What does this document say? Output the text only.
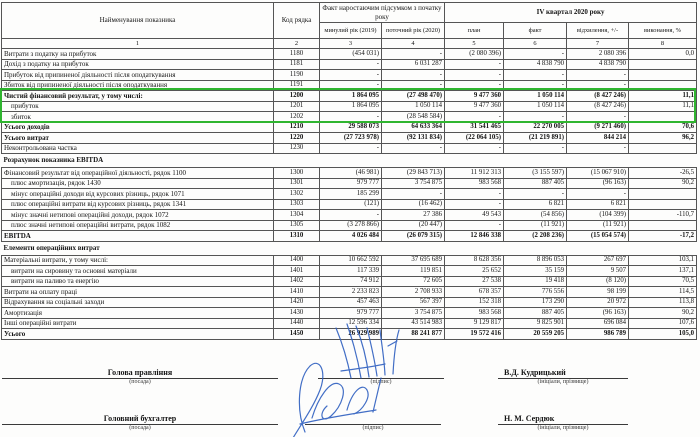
Найменування показника	Код рядка	Факт наростаючим підсумком з початку року		IV квартал 2020 року			
		минулий рік (2019)	поточний рік (2020)	план	факт	відхилення, +/-	виконання, %
1	2	3	4	5	6	7	8
Витрати з податку на прибуток	1180	(454 031)	-	(2 080 396)	-	2 080 396	0,0
Дохід з податку на прибуток	1181	-	6 031 287	-	4 838 790	4 838 790	
Прибуток від припиненої діяльності після оподаткування	1190	-	-	-	-	-	
Збиток від припиненої діяльності після оподаткування	1191	-	-	-	-	-	
Чистий фінансовий результат, у тому числі:	1200	1 864 095	(27 498 470)	9 477 360	1 050 114	(8 427 246)	11,1
прибуток	1201	1 864 095	1 050 114	9 477 360	1 050 114	(8 427 246)	11,1
збиток	1202	-	(28 548 584)	-	-	-	
Усього доходів	1210	29 588 073	64 633 364	31 541 465	22 270 005	(9 271 460)	70,6
Усього витрат	1220	(27 723 978)	(92 131 834)	(22 064 105)	(21 219 891)	844 214	96,2
Неконтрольована частка	1230	-	-	-	-	-	
Розрахунок показника EBITDA							
Фінансовий результат від операційної діяльності, рядок 1100	1300	(46 981)	(29 843 713)	11 912 313	(3 155 597)	(15 067 910)	-26,5
плюс амортизація, рядок 1430	1301	979 777	3 754 875	983 568	887 405	(96 163)	90,2
мінус операційні доходи від курсових різниць, рядок 1071	1302	185 299	-	-	-	-	
плюс операційні витрати від курсових різниць, рядок 1341	1303	(121)	(16 462)	-	6 821	6 821	
мінус значні нетипові операційні доходи, рядок 1072	1304	-	27 386	49 543	(54 856)	(104 399)	-110,7
плюс значні нетипові операційні витрати, рядок 1082	1305	(3 278 866)	(20 447)	-	(11 921)	(11 921)	
EBITDA	1310	4 026 484	(26 079 315)	12 846 338	(2 208 236)	(15 054 574)	-17,2
Елементи операційних витрат							
Матеріальні витрати, у тому числі:	1400	10 662 592	37 695 689	8 628 356	8 896 053	267 697	103,1
витрати на сировину та основні матеріали	1401	117 339	119 851	25 652	35 159	9 507	137,1
витрати на паливо та енергію	1402	74 912	72 605	27 538	19 418	(8 120)	70,5
Витрати на оплату праці	1410	2 233 823	2 708 933	678 357	776 556	98 199	114,5
Відрахування на соціальні заходи	1420	457 463	567 397	152 318	173 290	20 972	113,8
Амортизація	1430	979 777	3 754 875	983 568	887 405	(96 163)	90,2
Інші операційні витрати	1440	12 596 334	43 514 983	9 129 817	9 825 901	696 084	107,6
Усього	1450	26 929 989	88 241 877	19 572 416	20 559 205	986 789	105,0
Голова правління
(посада)	(підпис)
В.Д. Кудрицький
(ініціали, прізвище)
Головний бухгалтер
(посада)	(підпис)
Н. М. Сердюк
(ініціали, прізвище)
